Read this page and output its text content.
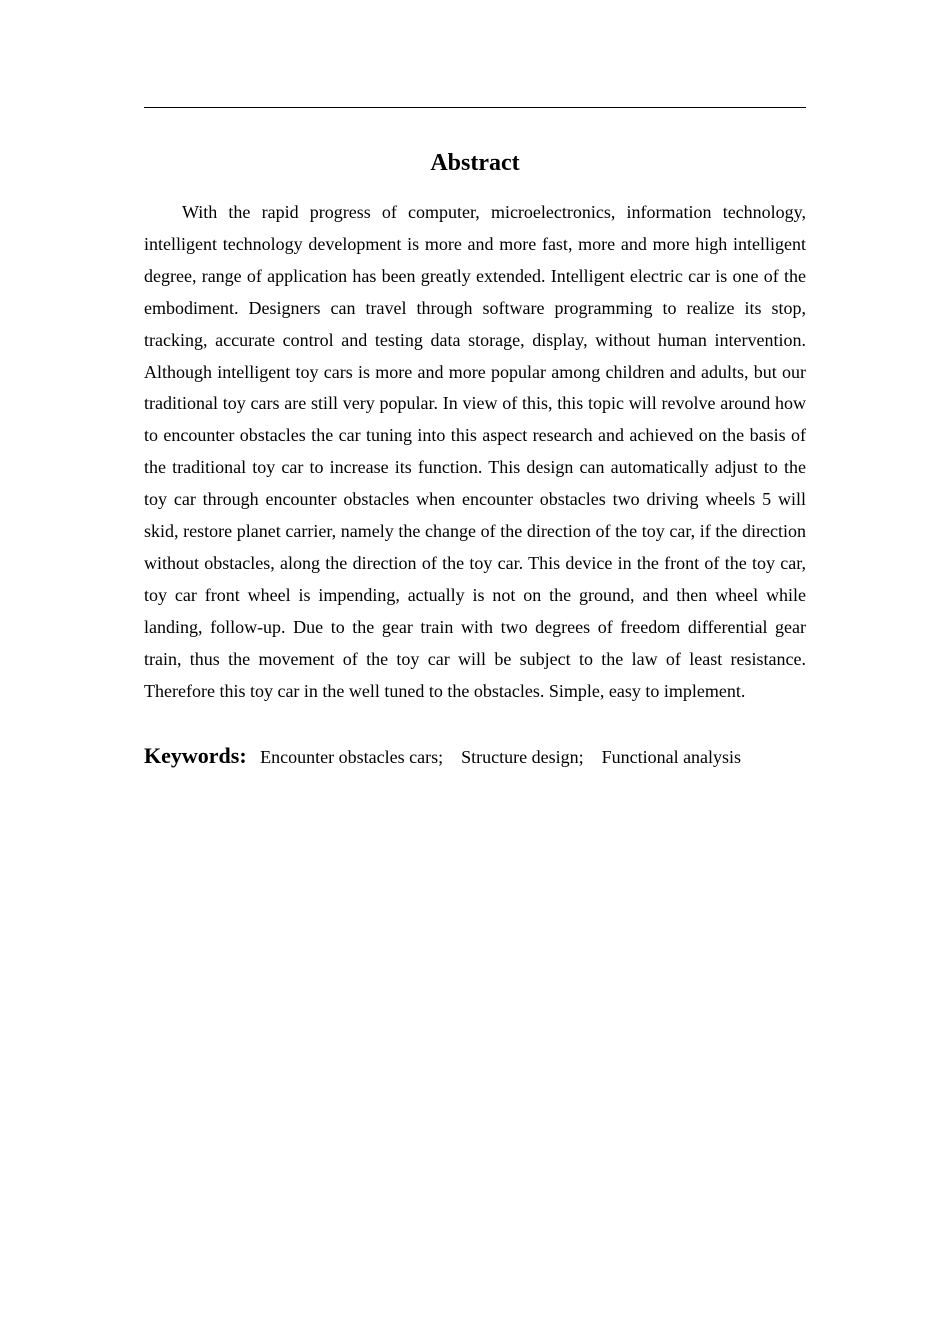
Abstract

With the rapid progress of computer, microelectronics, information technology, intelligent technology development is more and more fast, more and more high intelligent degree, range of application has been greatly extended. Intelligent electric car is one of the embodiment. Designers can travel through software programming to realize its stop, tracking, accurate control and testing data storage, display, without human intervention. Although intelligent toy cars is more and more popular among children and adults, but our traditional toy cars are still very popular. In view of this, this topic will revolve around how to encounter obstacles the car tuning into this aspect research and achieved on the basis of the traditional toy car to increase its function. This design can automatically adjust to the toy car through encounter obstacles when encounter obstacles two driving wheels 5 will skid, restore planet carrier, namely the change of the direction of the toy car, if the direction without obstacles, along the direction of the toy car. This device in the front of the toy car, toy car front wheel is impending, actually is not on the ground, and then wheel while landing, follow-up. Due to the gear train with two degrees of freedom differential gear train, thus the movement of the toy car will be subject to the law of least resistance. Therefore this toy car in the well tuned to the obstacles. Simple, easy to implement.

Keywords: Encounter obstacles cars; Structure design; Functional analysis
